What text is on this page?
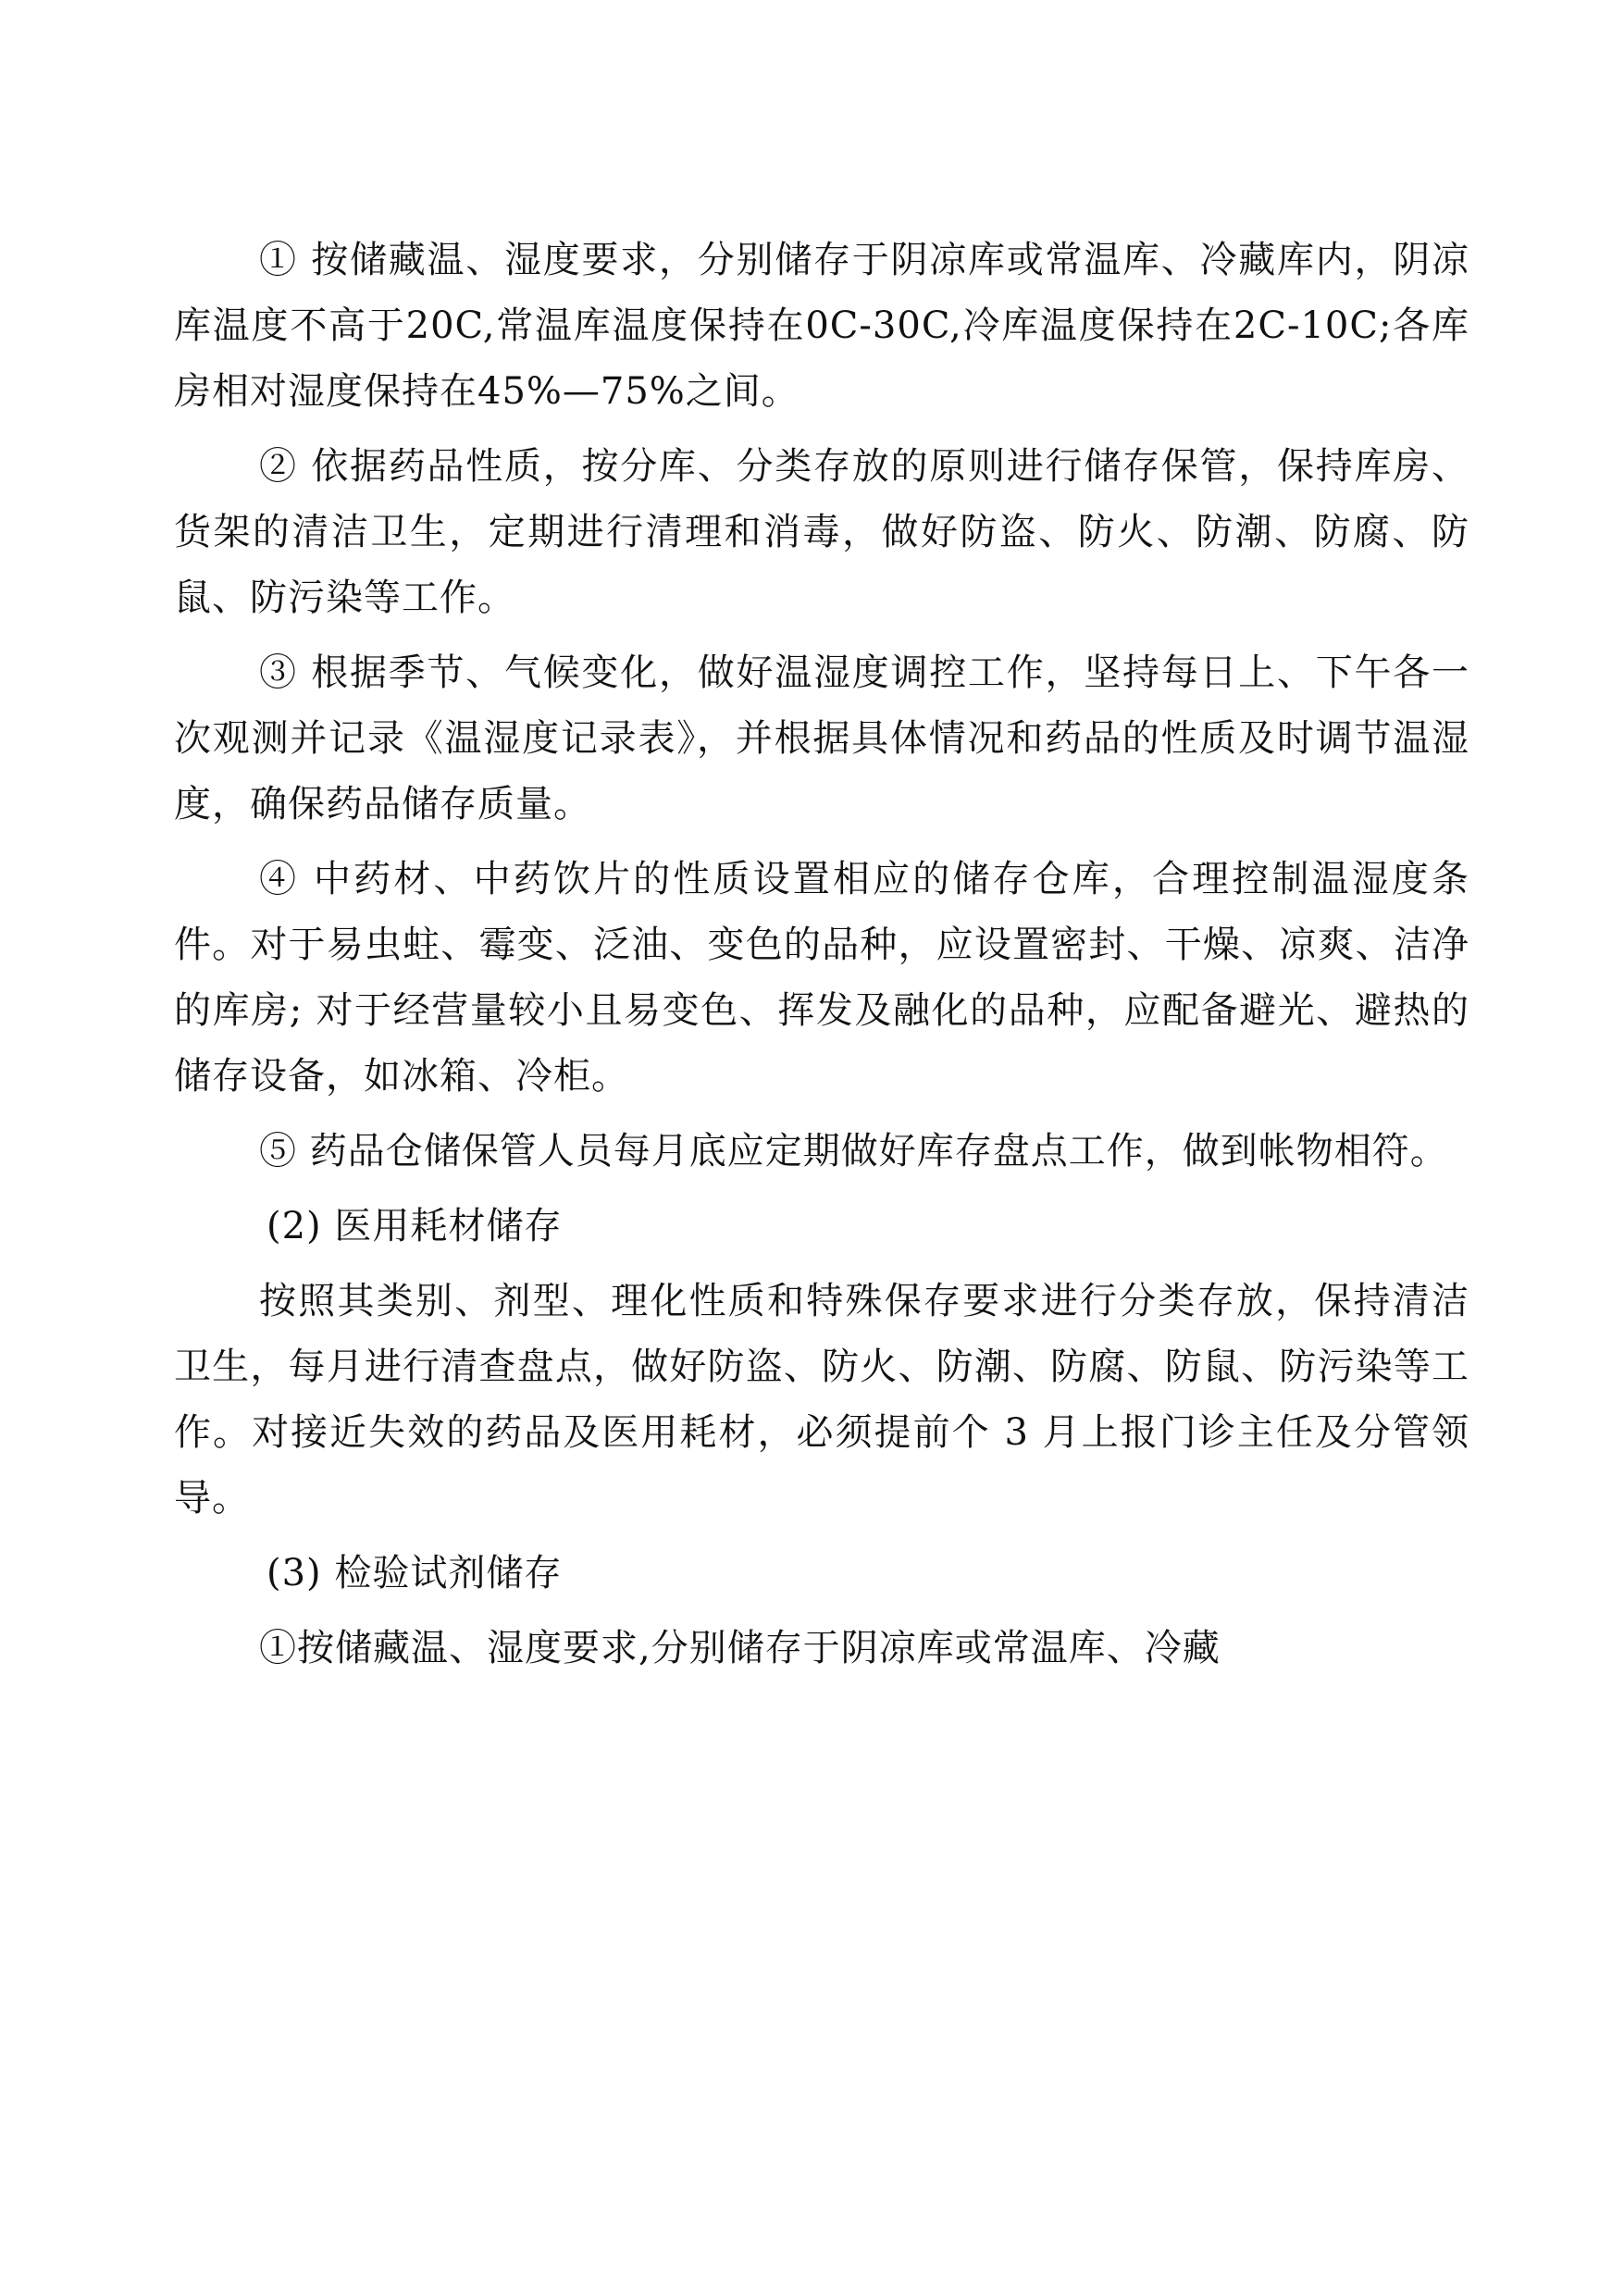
① 按储藏温、湿度要求，分别储存于阴凉库或常温库、冷藏库内，阴凉库温度不高于20C,常温库温度保持在0C-30C,冷库温度保持在2C-10C;各库房相对湿度保持在45%—75%之间。

② 依据药品性质，按分库、分类存放的原则进行储存保管，保持库房、货架的清洁卫生，定期进行清理和消毒，做好防盗、防火、防潮、防腐、防鼠、防污染等工作。

③ 根据季节、气候变化，做好温湿度调控工作，坚持每日上、下午各一次观测并记录《温湿度记录表》，并根据具体情况和药品的性质及时调节温湿度，确保药品储存质量。

④ 中药材、中药饮片的性质设置相应的储存仓库，合理控制温湿度条件。对于易虫蛀、霉变、泛油、变色的品种，应设置密封、干燥、凉爽、洁净的库房; 对于经营量较小且易变色、挥发及融化的品种，应配备避光、避热的储存设备，如冰箱、冷柜。

⑤ 药品仓储保管人员每月底应定期做好库存盘点工作，做到帐物相符。

(2) 医用耗材储存

按照其类别、剂型、理化性质和特殊保存要求进行分类存放，保持清洁卫生，每月进行清查盘点，做好防盗、防火、防潮、防腐、防鼠、防污染等工作。对接近失效的药品及医用耗材，必须提前个 3 月上报门诊主任及分管领导。

(3) 检验试剂储存

①按储藏温、湿度要求,分别储存于阴凉库或常温库、冷藏
